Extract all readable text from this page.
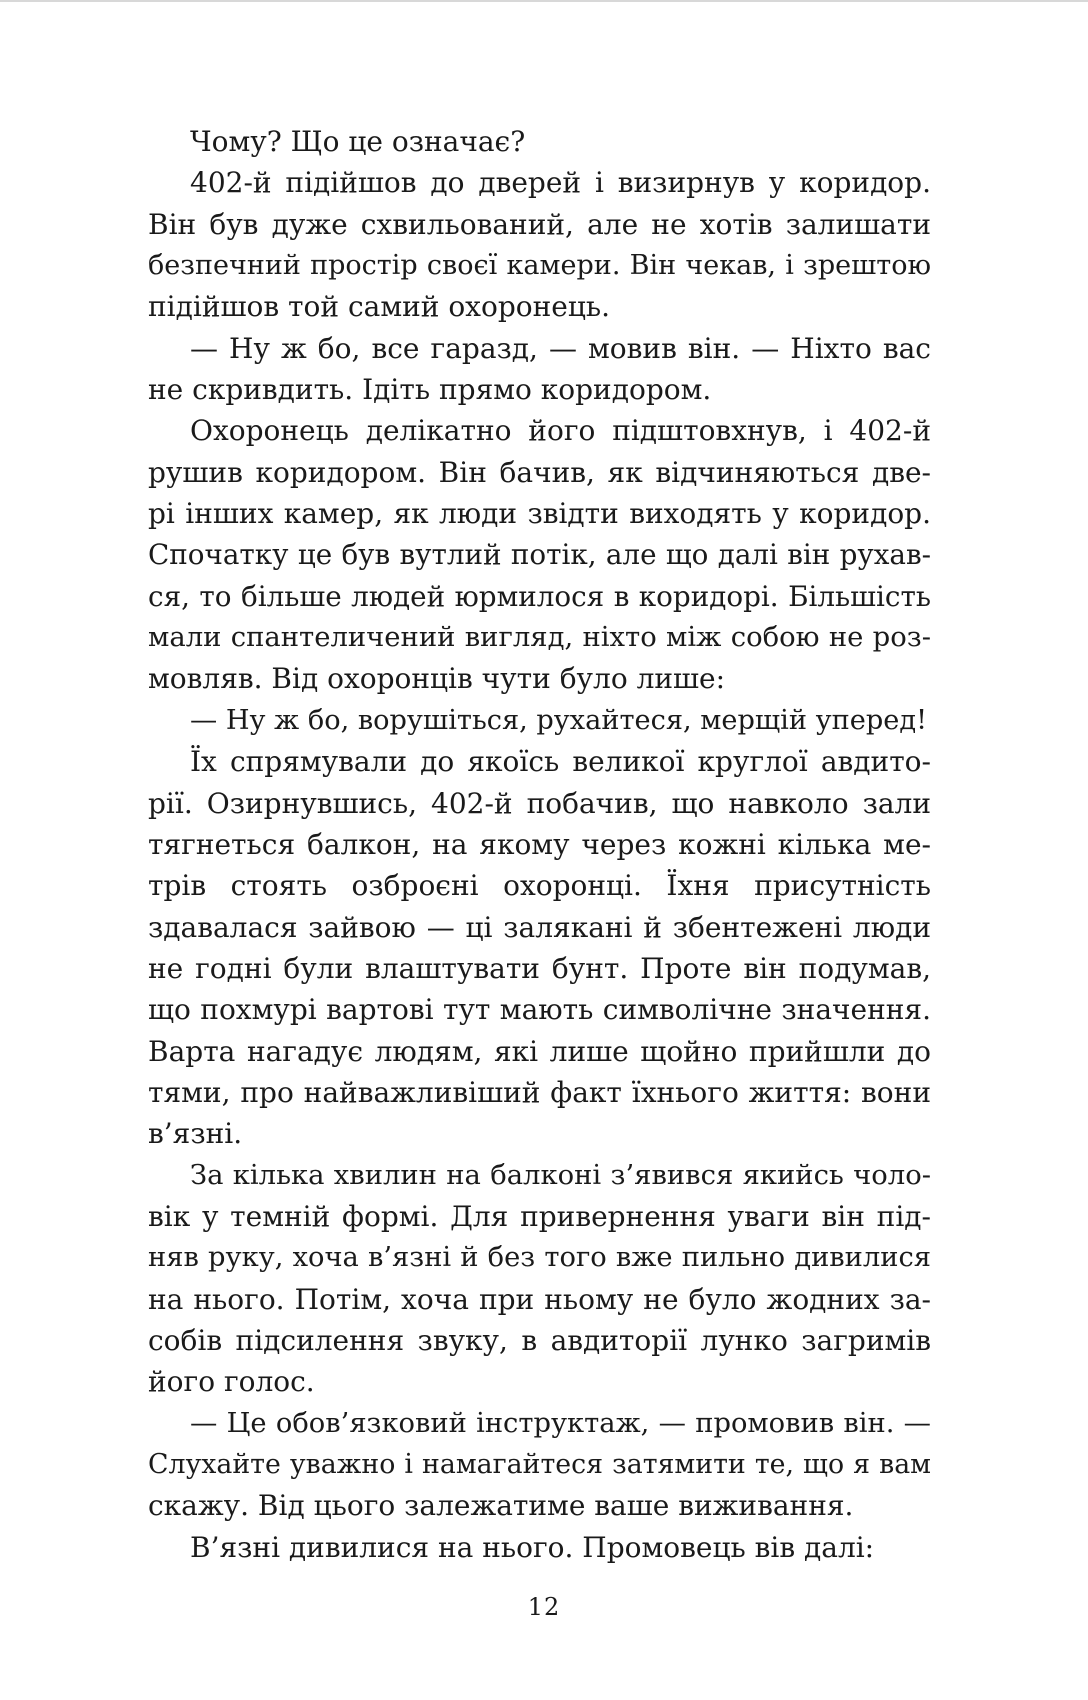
Чому? Що це означає?
402-й підійшов до дверей і визирнув у коридор.
Він був дуже схвильований, але не хотів залишати
безпечний простір своєї камери. Він чекав, і зрештою
підійшов той самий охоронець.
— Ну ж бо, все гаразд, — мовив він. — Ніхто вас
не скривдить. Ідіть прямо коридором.
Охоронець делікатно його підштовхнув, і 402-й
рушив коридором. Він бачив, як відчиняються две-
рі інших камер, як люди звідти виходять у коридор.
Спочатку це був вутлий потік, але що далі він рухав-
ся, то більше людей юрмилося в коридорі. Більшість
мали спантеличений вигляд, ніхто між собою не роз-
мовляв. Від охоронців чути було лише:
— Ну ж бо, ворушіться, рухайтеся, мерщій уперед!
Їх спрямували до якоїсь великої круглої авдито-
рії. Озирнувшись, 402-й побачив, що навколо зали
тягнеться балкон, на якому через кожні кілька ме-
трів стоять озброєні охоронці. Їхня присутність
здавалася зайвою — ці залякані й збентежені люди
не годні були влаштувати бунт. Проте він подумав,
що похмурі вартові тут мають символічне значення.
Варта нагадує людям, які лише щойно прийшли до
тями, про найважливіший факт їхнього життя: вони
в’язні.
За кілька хвилин на балконі з’явився якийсь чоло-
вік у темній формі. Для привернення уваги він під-
няв руку, хоча в’язні й без того вже пильно дивилися
на нього. Потім, хоча при ньому не було жодних за-
собів підсилення звуку, в авдиторії лунко загримів
його голос.
— Це обов’язковий інструктаж, — промовив він. —
Слухайте уважно і намагайтеся затямити те, що я вам
скажу. Від цього залежатиме ваше виживання.
В’язні дивилися на нього. Промовець вів далі:
12
